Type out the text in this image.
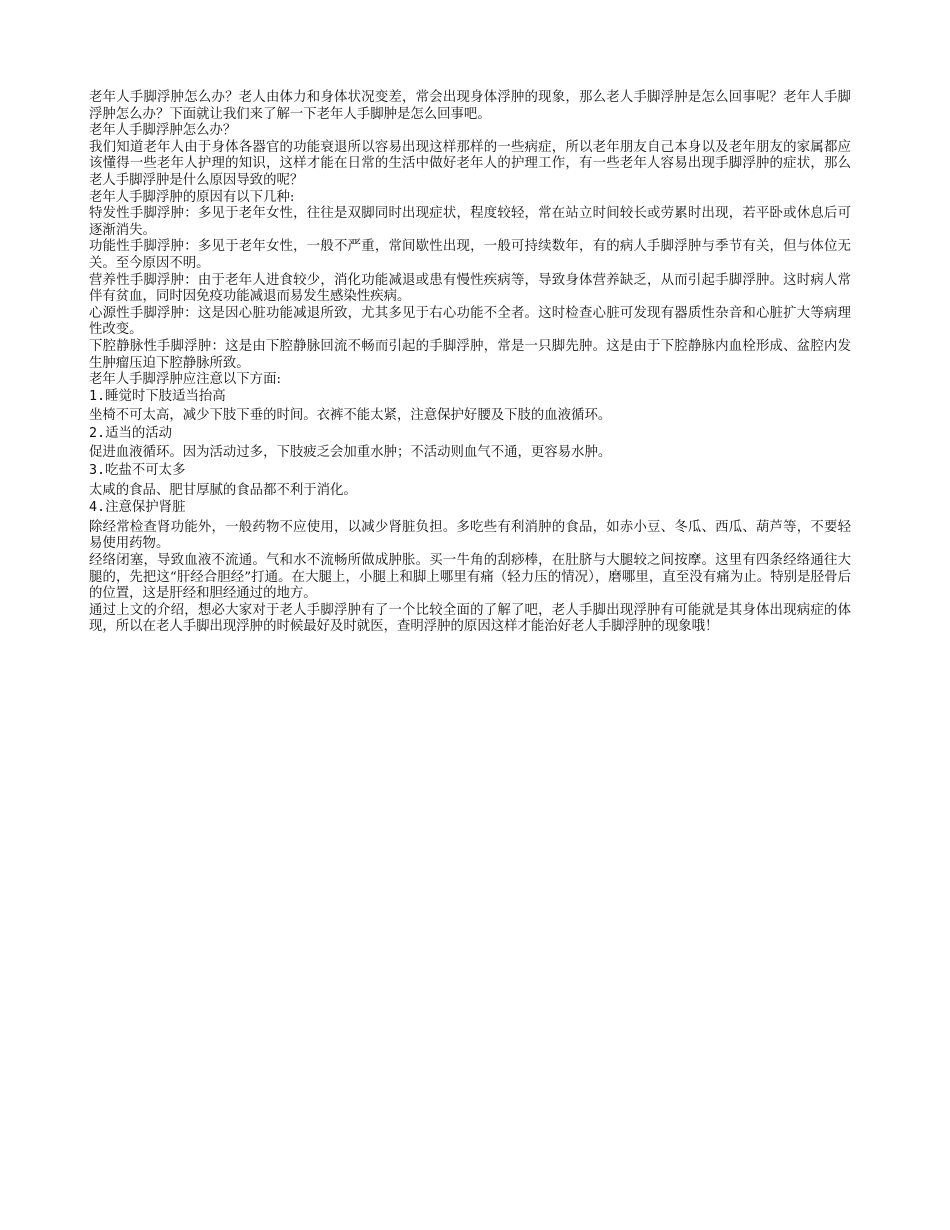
老年人手脚浮肿怎么办？老人由体力和身体状况变差，常会出现身体浮肿的现象，那么老人手脚浮肿是怎么回事呢？老年人手脚浮肿怎么办？下面就让我们来了解一下老年人手脚肿是怎么回事吧。

老年人手脚浮肿怎么办？

我们知道老年人由于身体各器官的功能衰退所以容易出现这样那样的一些病症，所以老年朋友自己本身以及老年朋友的家属都应该懂得一些老年人护理的知识，这样才能在日常的生活中做好老年人的护理工作，有一些老年人容易出现手脚浮肿的症状，那么老人手脚浮肿是什么原因导致的呢？

老年人手脚浮肿的原因有以下几种:

特发性手脚浮肿：多见于老年女性，往往是双脚同时出现症状，程度较轻，常在站立时间较长或劳累时出现，若平卧或休息后可逐渐消失。

功能性手脚浮肿：多见于老年女性，一般不严重，常间歇性出现，一般可持续数年，有的病人手脚浮肿与季节有关，但与体位无关。至今原因不明。

营养性手脚浮肿：由于老年人进食较少，消化功能减退或患有慢性疾病等，导致身体营养缺乏，从而引起手脚浮肿。这时病人常伴有贫血，同时因免疫功能减退而易发生感染性疾病。

心源性手脚浮肿：这是因心脏功能减退所致，尤其多见于右心功能不全者。这时检查心脏可发现有器质性杂音和心脏扩大等病理性改变。

下腔静脉性手脚浮肿：这是由下腔静脉回流不畅而引起的手脚浮肿，常是一只脚先肿。这是由于下腔静脉内血栓形成、盆腔内发生肿瘤压迫下腔静脉所致。

老年人手脚浮肿应注意以下方面:

1.睡觉时下肢适当抬高

坐椅不可太高，减少下肢下垂的时间。衣裤不能太紧，注意保护好腰及下肢的血液循环。

2.适当的活动

促进血液循环。因为活动过多，下肢疲乏会加重水肿；不活动则血气不通，更容易水肿。

3.吃盐不可太多

太咸的食品、肥甘厚腻的食品都不利于消化。

4.注意保护肾脏

除经常检查肾功能外，一般药物不应使用，以减少肾脏负担。多吃些有利消肿的食品，如赤小豆、冬瓜、西瓜、葫芦等，不要轻易使用药物。

经络闭塞，导致血液不流通。气和水不流畅所做成肿胀。买一牛角的刮痧棒，在肚脐与大腿较之间按摩。这里有四条经络通往大腿的，先把这“肝经合胆经”打通。在大腿上，小腿上和脚上哪里有痛（轻力压的情况），磨哪里，直至没有痛为止。特别是胫骨后的位置，这是肝经和胆经通过的地方。

通过上文的介绍，想必大家对于老人手脚浮肿有了一个比较全面的了解了吧，老人手脚出现浮肿有可能就是其身体出现病症的体现，所以在老人手脚出现浮肿的时候最好及时就医，查明浮肿的原因这样才能治好老人手脚浮肿的现象哦！
